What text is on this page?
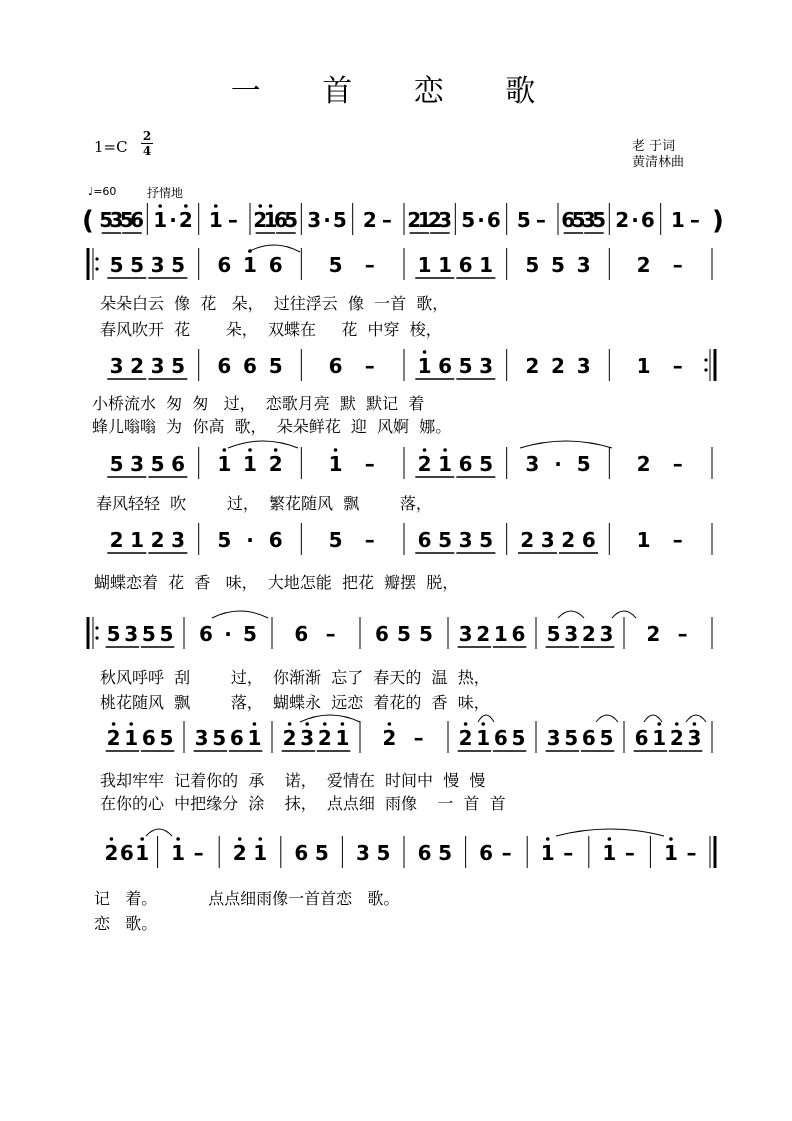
一 首 恋 歌
1=C
2
4	老 于词
黄清林曲
♩=60	抒情地
(	)
5
3
5
6 1 · 2 1 – 2
1
6
5 3 · 5 2 – 2
1
2
3 5 · 6 5 – 6
5
3
5 2 · 6 1 –
5 5 3 5 6 1 6 5 – 1 1 6 1 5 5 3 2 –
3 2 3 5 6 6 5 6 – 1 6 5 3 2 2 3 1 –
5 3 5 6 1 1 2 1 – 2 1 6 5 3 · 5 2 –
2 1 2 3 5 · 6 5 – 6 5 3 5 2 3 2 6 1 –
5 3 5 5 6 · 5 6 – 6 5 5 3 2 1 6 5 3 2 3 2 –
2 1 6 5 3 5 6 1 2 3 2 1 2 – 2 1 6 5 3 5 6 5 6 1 2 3
2 6 1 1 – 2 1 6 5 3 5 6 5 6 – 1 – 1 – 1 –
朵朵白云  像  花   朵，  过往浮云  像  一首  歌，
春风吹开  花       朵，  双蝶在     花  中穿  梭，
小桥流水  匆  匆   过，  恋歌月亮  默  默记  着
蜂儿嗡嗡  为  你高  歌，  朵朵鲜花  迎  风婀  娜。
春风轻轻  吹        过，  繁花随风  飘        落，
蝴蝶恋着  花  香   味，  大地怎能  把花  瓣摆  脱，
秋风呼呼  刮        过，  你渐渐  忘了  春天的  温  热，
桃花随风  飘        落，  蝴蝶永  远恋  着花的  香  味，
我却牢牢  记着你的  承    诺，  爱情在  时间中  慢  慢
在你的心  中把缘分  涂    抹，  点点细  雨像    一  首  首
记   着。          点点细雨像一首首恋   歌。
恋   歌。
